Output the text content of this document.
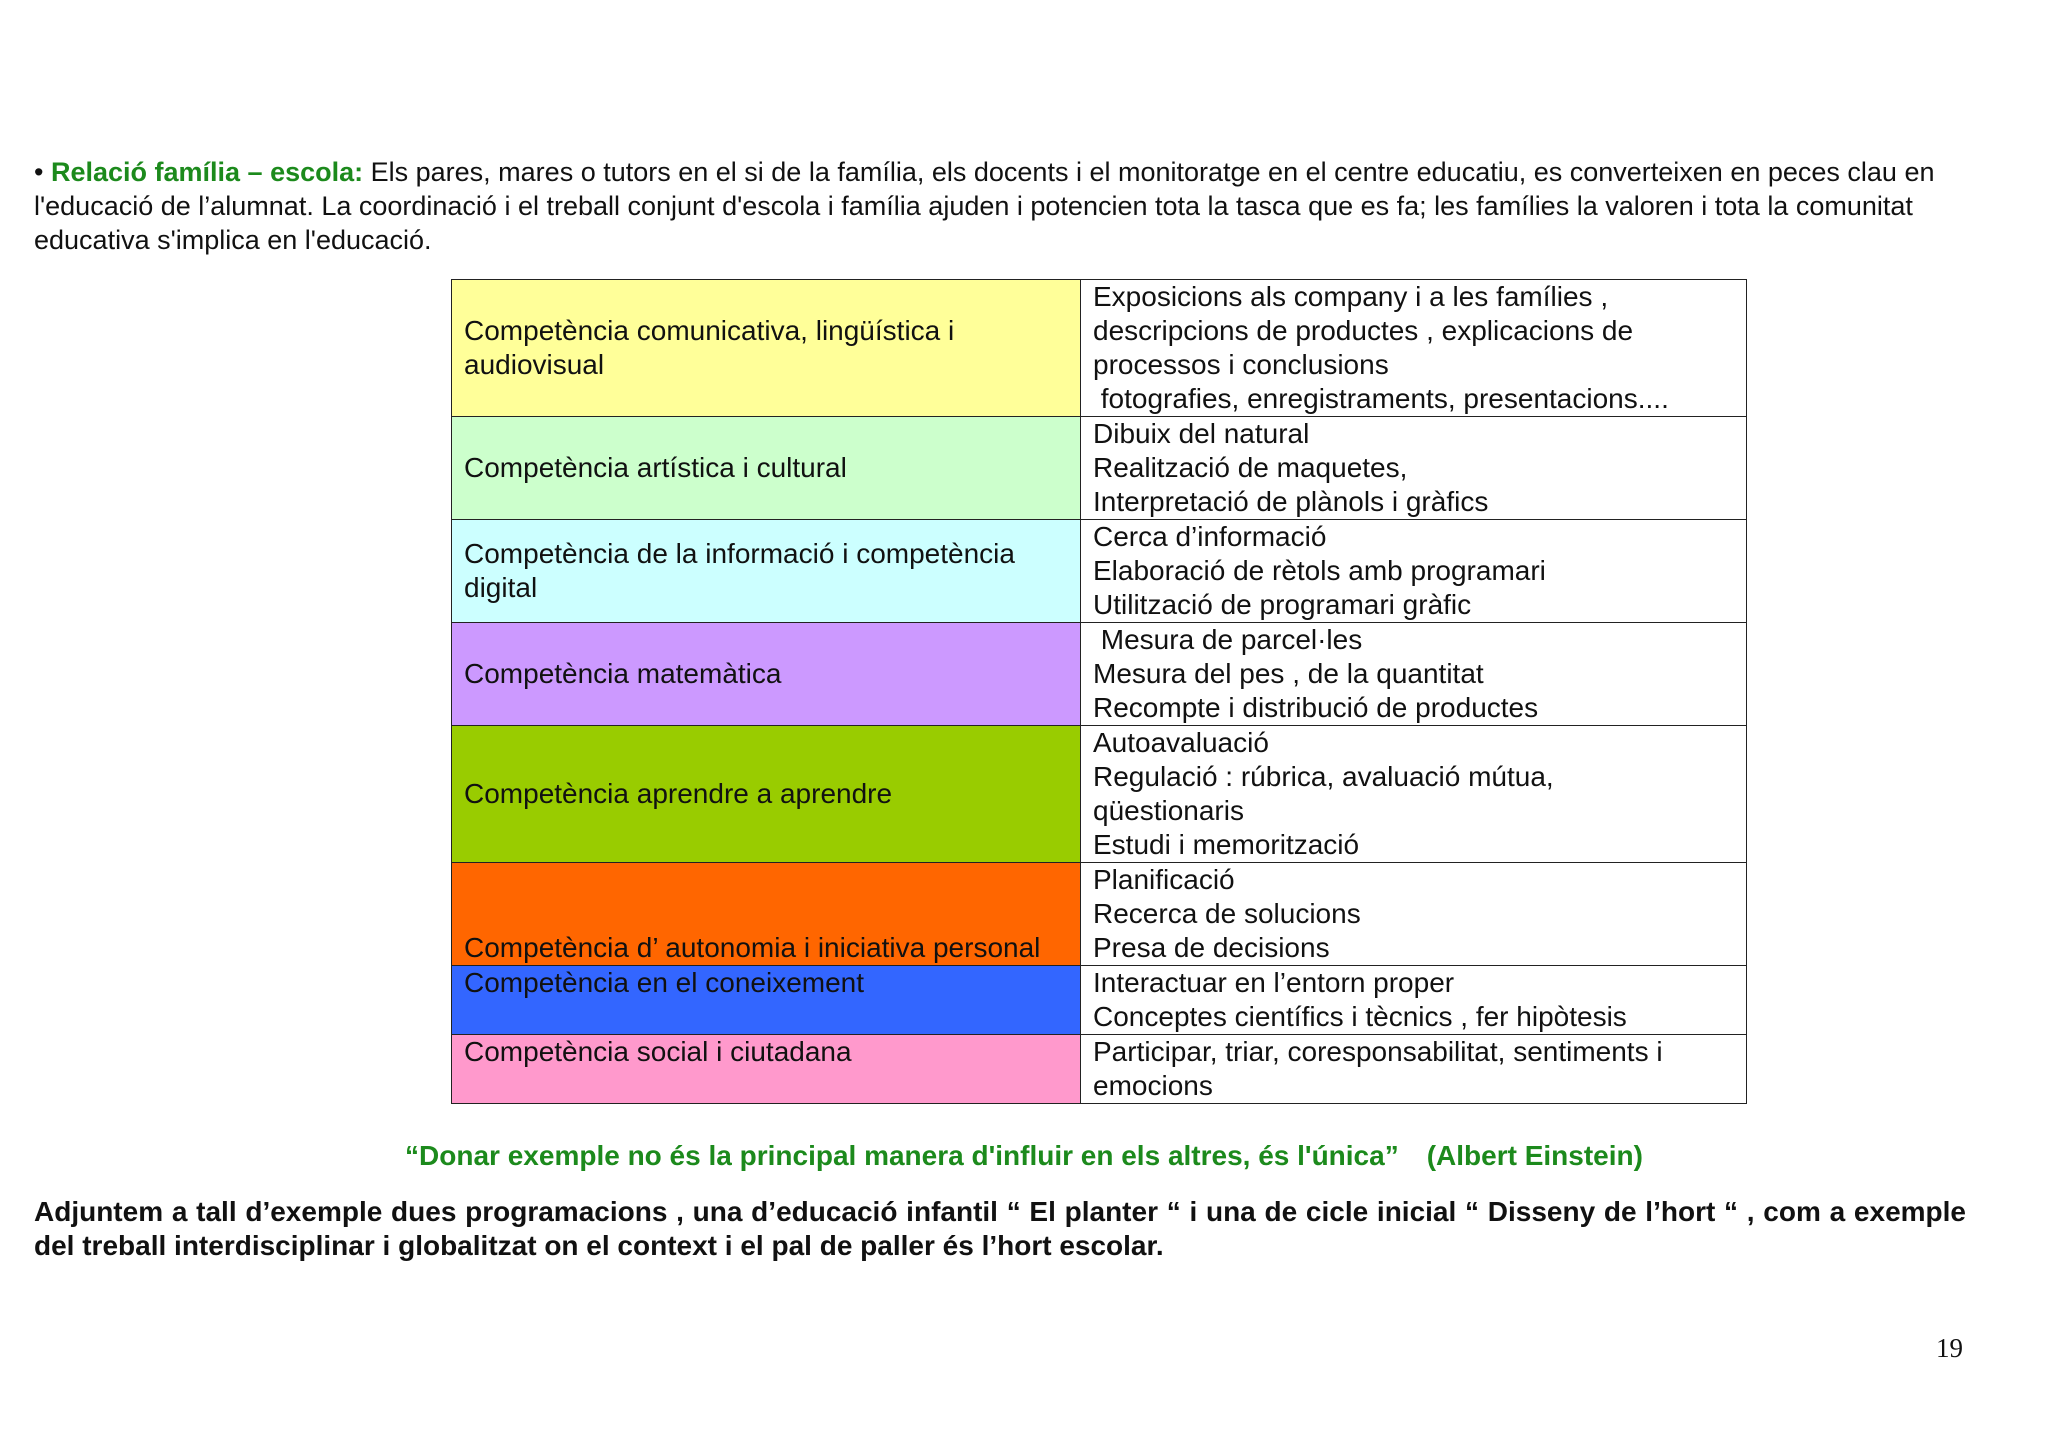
• Relació família – escola: Els pares, mares o tutors en el si de la família, els docents i el monitoratge en el centre educatiu, es converteixen en peces clau en l'educació de l’alumnat. La coordinació i el treball conjunt d'escola i família ajuden i potencien tota la tasca que es fa; les famílies la valoren i tota la comunitat educativa s'implica en l'educació.
Competència comunicativa, lingüística i audiovisual	Exposicions als company i a les famílies ,
descripcions de productes , explicacions de
processos i conclusions
fotografies, enregistraments, presentacions....

Competència artística i cultural	Dibuix del natural
Realització de maquetes,
Interpretació de plànols i gràfics

Competència de la informació i competència digital	Cerca d’informació
Elaboració de rètols amb programari
Utilització de programari gràfic

Competència matemàtica	Mesura de parcel·les
Mesura del pes , de la quantitat
Recompte i distribució de productes

Competència aprendre a aprendre	Autoavaluació
Regulació : rúbrica, avaluació mútua,
qüestionaris
Estudi i memorització

Competència d’ autonomia i iniciativa personal	Planificació
Recerca de solucions
Presa de decisions

Competència en el coneixement	Interactuar en l’entorn proper
Conceptes científics i tècnics , fer hipòtesis

Competència social i ciutadana	Participar, triar, coresponsabilitat, sentiments i
emocions
“Donar exemple no és la principal manera d'influir en els altres, és l'única” (Albert Einstein)
Adjuntem a tall d’exemple dues programacions , una d’educació infantil “ El planter “ i una de cicle inicial “ Disseny de l’hort “ , com a exemple del treball interdisciplinar i globalitzat on el context i el pal de paller és l’hort escolar.
19
